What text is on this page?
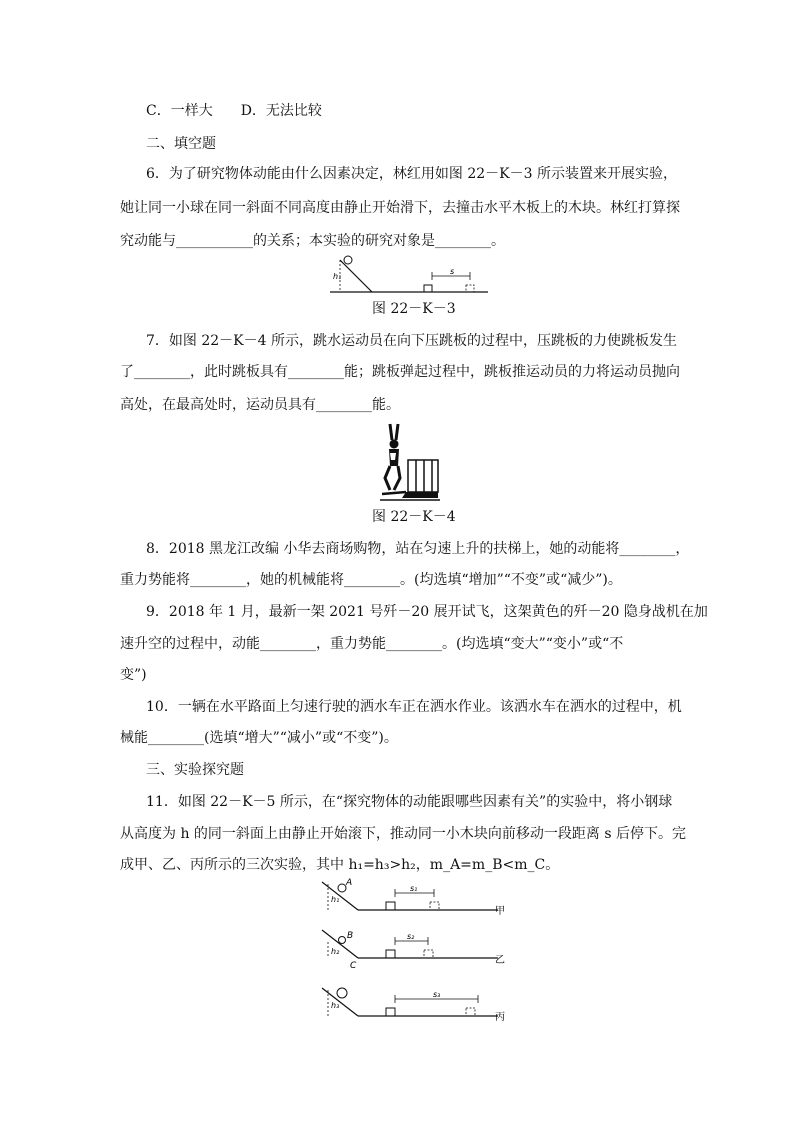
C．一样大　　D．无法比较
二、填空题
6．为了研究物体动能由什么因素决定，林红用如图 22－K－3 所示装置来开展实验，
她让同一小球在同一斜面不同高度由静止开始滑下，去撞击水平木板上的木块。林红打算探
究动能与___________的关系；本实验的研究对象是________。
h₁
s
图 22－K－3
7．如图 22－K－4 所示，跳水运动员在向下压跳板的过程中，压跳板的力使跳板发生
了________，此时跳板具有________能；跳板弹起过程中，跳板推运动员的力将运动员抛向
高处，在最高处时，运动员具有________能。
图 22－K－4
8．2018 黑龙江改编 小华去商场购物，站在匀速上升的扶梯上，她的动能将________，
重力势能将________，她的机械能将________。(均选填“增加”“不变”或“减少”)。
9．2018 年 1 月，最新一架 2021 号歼－20 展开试飞，这架黄色的歼－20 隐身战机在加
速升空的过程中，动能________，重力势能________。(均选填“变大”“变小”或“不
变”)
10．一辆在水平路面上匀速行驶的洒水车正在洒水作业。该洒水车在洒水的过程中，机
械能________(选填“增大”“减小”或“不变”)。
三、实验探究题
11．如图 22－K－5 所示，在“探究物体的动能跟哪些因素有关”的实验中，将小钢球
从高度为 h 的同一斜面上由静止开始滚下，推动同一小木块向前移动一段距离 s 后停下。完
成甲、乙、丙所示的三次实验，其中 h₁=h₃>h₂，m_A=m_B<m_C。
A
h₁
s₁
甲
B
C
h₂
s₂
乙
h₃
s₃
丙
